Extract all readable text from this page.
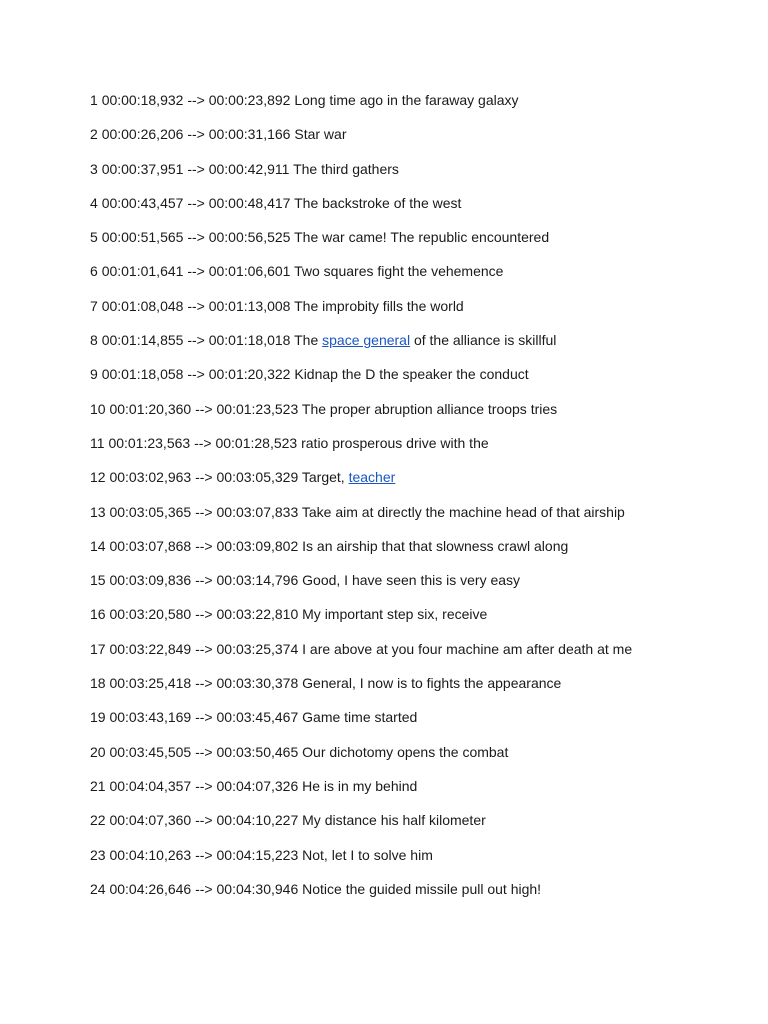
1 00:00:18,932 --> 00:00:23,892 Long time ago in the faraway galaxy
2 00:00:26,206 --> 00:00:31,166 Star war
3 00:00:37,951 --> 00:00:42,911 The third gathers
4 00:00:43,457 --> 00:00:48,417 The backstroke of the west
5 00:00:51,565 --> 00:00:56,525 The war came! The republic encountered
6 00:01:01,641 --> 00:01:06,601 Two squares fight the vehemence
7 00:01:08,048 --> 00:01:13,008 The improbity fills the world
8 00:01:14,855 --> 00:01:18,018 The space general of the alliance is skillful
9 00:01:18,058 --> 00:01:20,322 Kidnap the D the speaker the conduct
10 00:01:20,360 --> 00:01:23,523 The proper abruption alliance troops tries
11 00:01:23,563 --> 00:01:28,523 ratio prosperous drive with the
12 00:03:02,963 --> 00:03:05,329 Target, teacher
13 00:03:05,365 --> 00:03:07,833 Take aim at directly the machine head of that airship
14 00:03:07,868 --> 00:03:09,802 Is an airship that that slowness crawl along
15 00:03:09,836 --> 00:03:14,796 Good, I have seen this is very easy
16 00:03:20,580 --> 00:03:22,810 My important step six, receive
17 00:03:22,849 --> 00:03:25,374 I are above at you four machine am after death at me
18 00:03:25,418 --> 00:03:30,378 General, I now is to fights the appearance
19 00:03:43,169 --> 00:03:45,467 Game time started
20 00:03:45,505 --> 00:03:50,465 Our dichotomy opens the combat
21 00:04:04,357 --> 00:04:07,326 He is in my behind
22 00:04:07,360 --> 00:04:10,227 My distance his half kilometer
23 00:04:10,263 --> 00:04:15,223 Not, let I to solve him
24 00:04:26,646 --> 00:04:30,946 Notice the guided missile pull out high!
